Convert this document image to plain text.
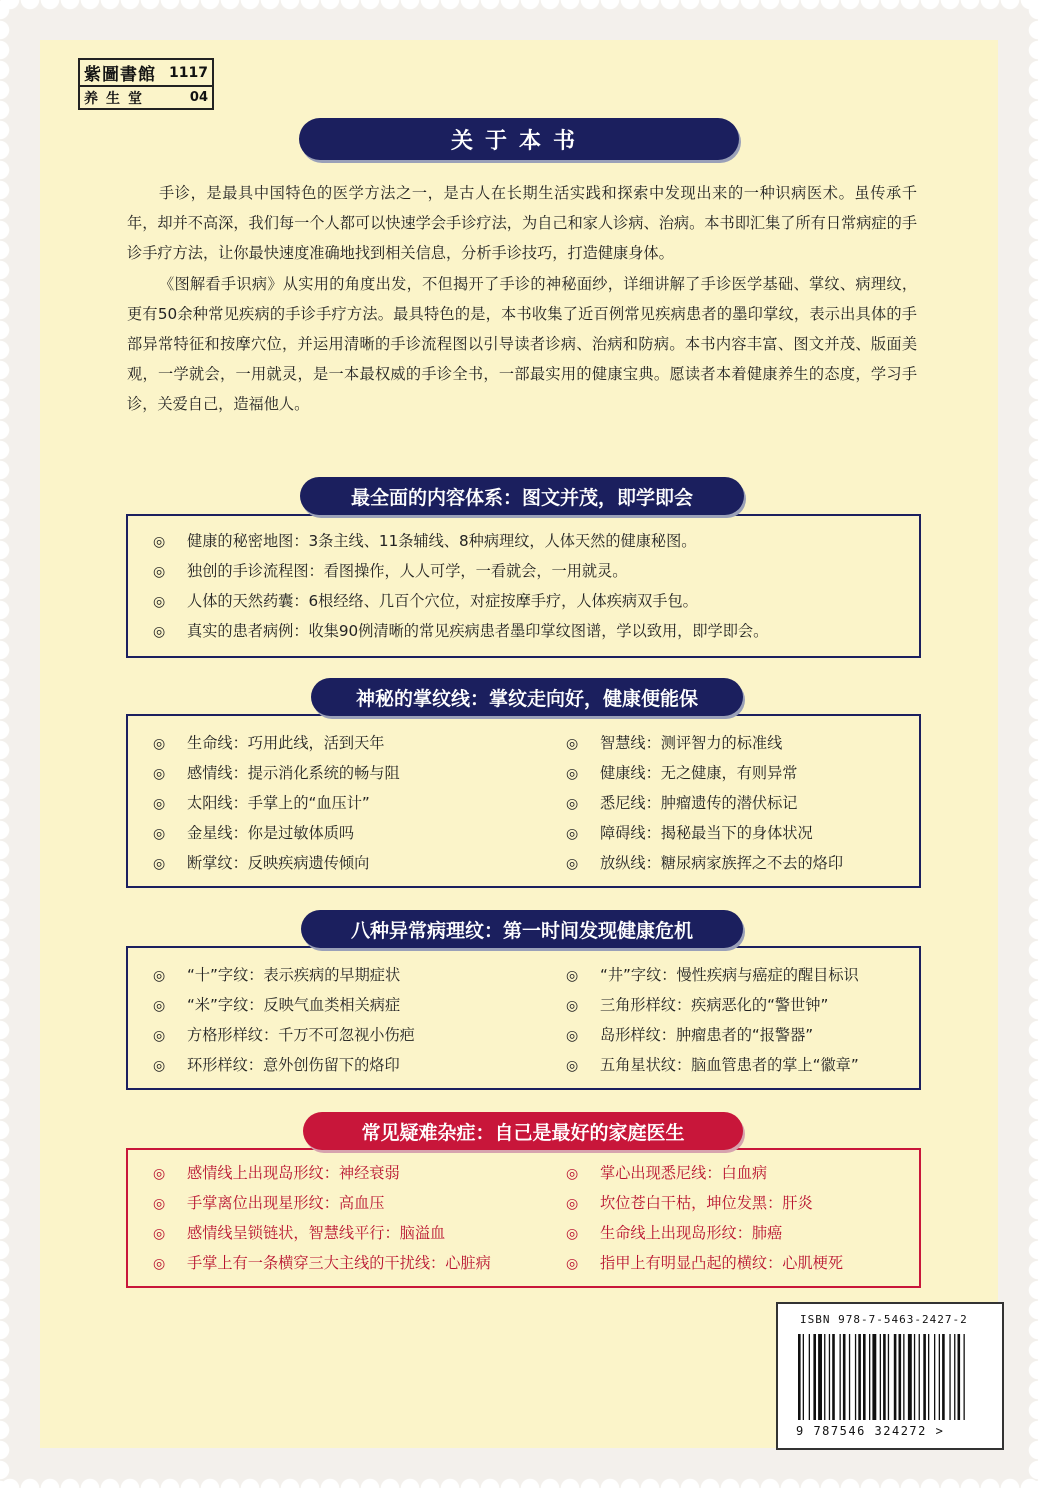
紫圖書館 1117
养生堂	04
关于本书

手诊，是最具中国特色的医学方法之一，是古人在长期生活实践和探索中发现出来的一种识病医术。虽传承千年，却并不高深，我们每一个人都可以快速学会手诊疗法，为自己和家人诊病、治病。本书即汇集了所有日常病症的手诊手疗方法，让你最快速度准确地找到相关信息，分析手诊技巧，打造健康身体。

《图解看手识病》从实用的角度出发，不但揭开了手诊的神秘面纱，详细讲解了手诊医学基础、掌纹、病理纹，更有50余种常见疾病的手诊手疗方法。最具特色的是，本书收集了近百例常见疾病患者的墨印掌纹，表示出具体的手部异常特征和按摩穴位，并运用清晰的手诊流程图以引导读者诊病、治病和防病。本书内容丰富、图文并茂、版面美观，一学就会，一用就灵，是一本最权威的手诊全书，一部最实用的健康宝典。愿读者本着健康养生的态度，学习手诊，关爱自己，造福他人。

最全面的内容体系：图文并茂，即学即会
◎ 健康的秘密地图：3条主线、11条辅线、8种病理纹，人体天然的健康秘图。
◎ 独创的手诊流程图：看图操作，人人可学，一看就会，一用就灵。
◎ 人体的天然药囊：6根经络、几百个穴位，对症按摩手疗，人体疾病双手包。
◎ 真实的患者病例：收集90例清晰的常见疾病患者墨印掌纹图谱，学以致用，即学即会。
神秘的掌纹线：掌纹走向好，健康便能保
◎ 生命线：巧用此线，活到天年
◎ 感情线：提示消化系统的畅与阻
◎ 太阳线：手掌上的“血压计”
◎ 金星线：你是过敏体质吗
◎ 断掌纹：反映疾病遗传倾向
◎ 智慧线：测评智力的标准线
◎ 健康线：无之健康，有则异常
◎ 悉尼线：肿瘤遗传的潜伏标记
◎ 障碍线：揭秘最当下的身体状况
◎ 放纵线：糖尿病家族挥之不去的烙印
八种异常病理纹：第一时间发现健康危机
◎ “十”字纹：表示疾病的早期症状
◎ “米”字纹：反映气血类相关病症
◎ 方格形样纹：千万不可忽视小伤疤
◎ 环形样纹：意外创伤留下的烙印
◎ “井”字纹：慢性疾病与癌症的醒目标识
◎ 三角形样纹：疾病恶化的“警世钟”
◎ 岛形样纹：肿瘤患者的“报警器”
◎ 五角星状纹：脑血管患者的掌上“徽章”
常见疑难杂症：自己是最好的家庭医生
◎ 感情线上出现岛形纹：神经衰弱
◎ 手掌离位出现星形纹：高血压
◎ 感情线呈锁链状，智慧线平行：脑溢血
◎ 手掌上有一条横穿三大主线的干扰线：心脏病
◎ 掌心出现悉尼线：白血病
◎ 坎位苍白干枯，坤位发黑：肝炎
◎ 生命线上出现岛形纹：肺癌
◎ 指甲上有明显凸起的横纹：心肌梗死
ISBN 978-7-5463-2427-2
9 787546 324272 >
